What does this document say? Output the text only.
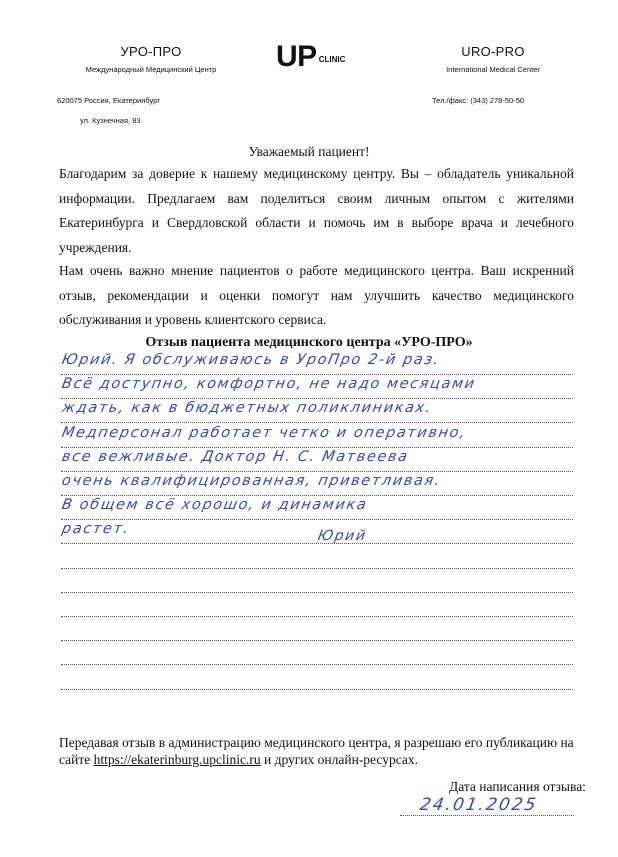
УРО-ПРО
Международный Медицинский Центр	UP $^{CLINIC}$
URO-PRO
International Medical Center
620075 Россия, Екатеринбург
ул. Кузнечная, 83
Тел./факс: (343) 278-50-50
Уважаемый пациент!
Благодарим за доверие к нашему медицинскому центру. Вы – обладатель уникальной информации. Предлагаем вам поделиться своим личным опытом с жителями Екатеринбурга и Свердловской области и помочь им в выборе врача и лечебного учреждения.
Нам очень важно мнение пациентов о работе медицинского центра. Ваш искренний отзыв, рекомендации и оценки помогут нам улучшить качество медицинского обслуживания и уровень клиентского сервиса.
Отзыв пациента медицинского центра «УРО-ПРО»
Юрий. Я обслуживаюсь в УроПро 2-й раз.
Всё доступно, комфортно, не надо месяцами
ждать, как в бюджетных поликлиниках.
Медперсонал работает четко и оперативно,
все вежливые. Доктор Н. С. Матвеева
очень квалифицированная, приветливая.
В общем всё хорошо, и динамика
растет.	Юрий
Передавая отзыв в администрацию медицинского центра, я разрешаю его публикацию на сайте https://ekaterinburg.upclinic.ru и других онлайн-ресурсах.
Дата написания отзыва:
24.01.2025
